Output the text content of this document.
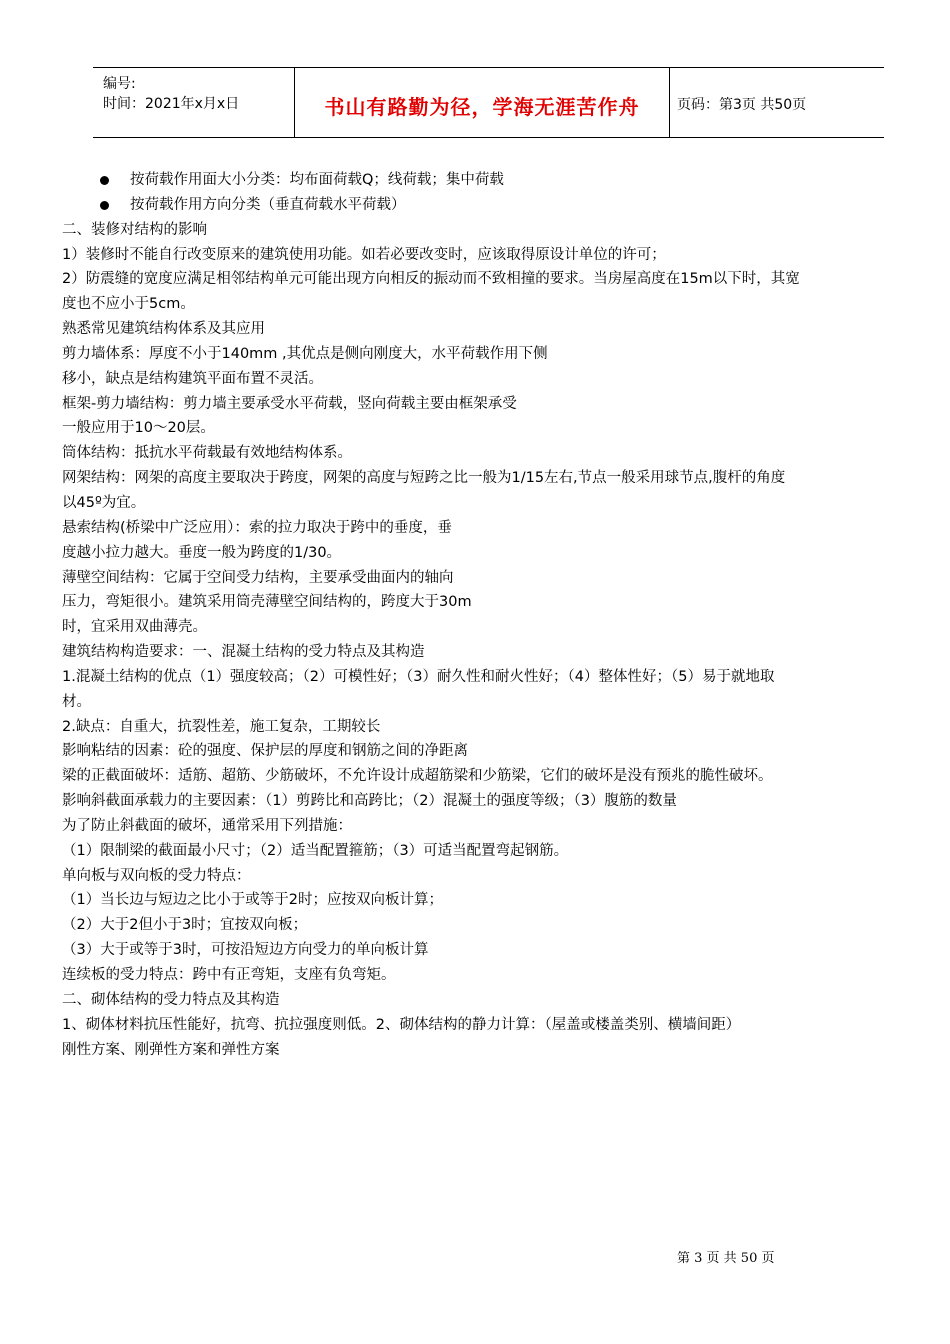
编号:
时间：2021年x月x日	书山有路勤为径，学海无涯苦作舟	页码：第3页 共50页
按荷载作用面大小分类：均布面荷载Q；线荷载；集中荷载
按荷载作用方向分类（垂直荷载水平荷载）
二、装修对结构的影响
1）装修时不能自行改变原来的建筑使用功能。如若必要改变时，应该取得原设计单位的许可；
2）防震缝的宽度应满足相邻结构单元可能出现方向相反的振动而不致相撞的要求。当房屋高度在15m以下时，其宽
度也不应小于5cm。
熟悉常见建筑结构体系及其应用
剪力墙体系：厚度不小于140mm ,其优点是侧向刚度大，水平荷载作用下侧
移小，缺点是结构建筑平面布置不灵活。
框架-剪力墙结构：剪力墙主要承受水平荷载，竖向荷载主要由框架承受
一般应用于10～20层。
筒体结构：抵抗水平荷载最有效地结构体系。
网架结构：网架的高度主要取决于跨度，网架的高度与短跨之比一般为1/15左右,节点一般采用球节点,腹杆的角度
以45º为宜。
悬索结构(桥梁中广泛应用）：索的拉力取决于跨中的垂度，垂
度越小拉力越大。垂度一般为跨度的1/30。
薄壁空间结构：它属于空间受力结构，主要承受曲面内的轴向
压力，弯矩很小。建筑采用筒壳薄壁空间结构的，跨度大于30m
时，宜采用双曲薄壳。
建筑结构构造要求：一、混凝土结构的受力特点及其构造
1.混凝土结构的优点（1）强度较高；（2）可模性好；（3）耐久性和耐火性好；（4）整体性好；（5）易于就地取
材。
2.缺点：自重大，抗裂性差，施工复杂，工期较长
影响粘结的因素：砼的强度、保护层的厚度和钢筋之间的净距离
梁的正截面破坏：适筋、超筋、少筋破坏，不允许设计成超筋梁和少筋梁，它们的破坏是没有预兆的脆性破坏。
影响斜截面承载力的主要因素：（1）剪跨比和高跨比；（2）混凝土的强度等级；（3）腹筋的数量
为了防止斜截面的破坏，通常采用下列措施：
（1）限制梁的截面最小尺寸；（2）适当配置箍筋；（3）可适当配置弯起钢筋。
单向板与双向板的受力特点：
（1）当长边与短边之比小于或等于2时；应按双向板计算；
（2）大于2但小于3时；宜按双向板；
（3）大于或等于3时，可按沿短边方向受力的单向板计算
连续板的受力特点：跨中有正弯矩，支座有负弯矩。
二、砌体结构的受力特点及其构造
1、砌体材料抗压性能好，抗弯、抗拉强度则低。2、砌体结构的静力计算：（屋盖或楼盖类别、横墙间距）
刚性方案、刚弹性方案和弹性方案
第 3 页 共 50 页
